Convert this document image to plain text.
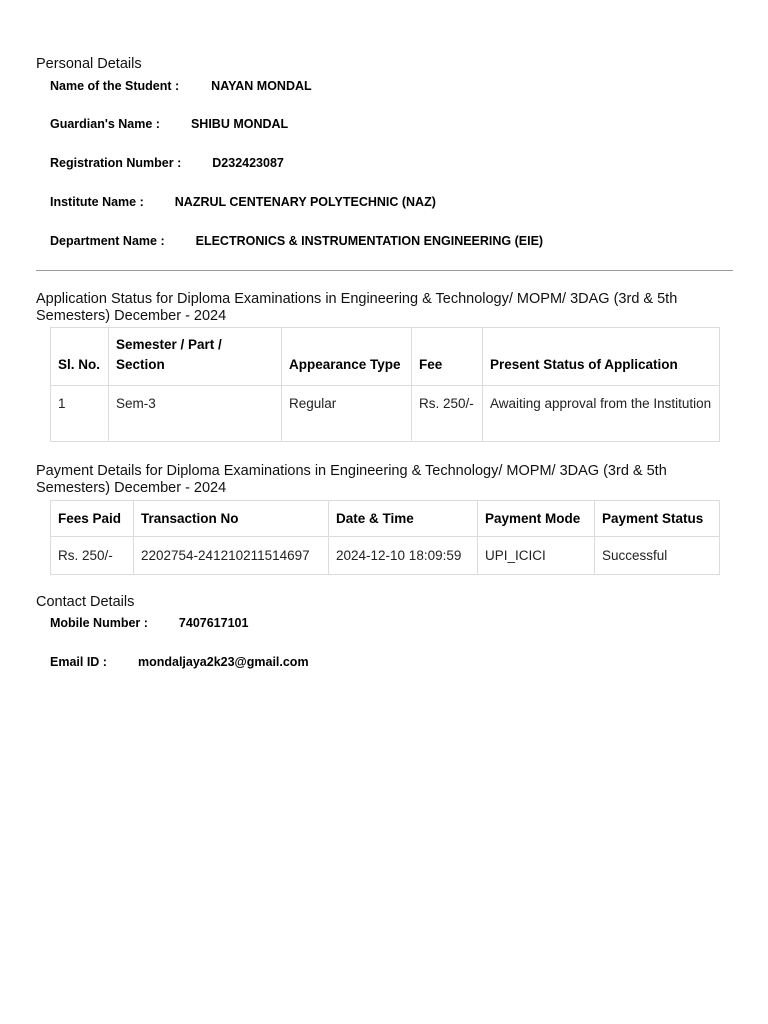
Personal Details
Name of the Student :	NAYAN MONDAL
Guardian's Name : SHIBU MONDAL
Registration Number : D232423087
Institute Name : NAZRUL CENTENARY POLYTECHNIC (NAZ)
Department Name : ELECTRONICS & INSTRUMENTATION ENGINEERING (EIE)
Application Status for Diploma Examinations in Engineering & Technology/ MOPM/ 3DAG (3rd & 5th Semesters) December - 2024
Sl. No.	Semester / Part / Section	Appearance Type	Fee	Present Status of Application
1	Sem-3	Regular	Rs. 250/-	Awaiting approval from the Institution
Payment Details for Diploma Examinations in Engineering & Technology/ MOPM/ 3DAG (3rd & 5th Semesters) December - 2024
Fees Paid	Transaction No	Date & Time	Payment Mode	Payment Status
Rs. 250/-	2202754-241210211514697	2024-12-10 18:09:59	UPI_ICICI	Successful
Contact Details
Mobile Number : 7407617101
Email ID : mondaljaya2k23@gmail.com
